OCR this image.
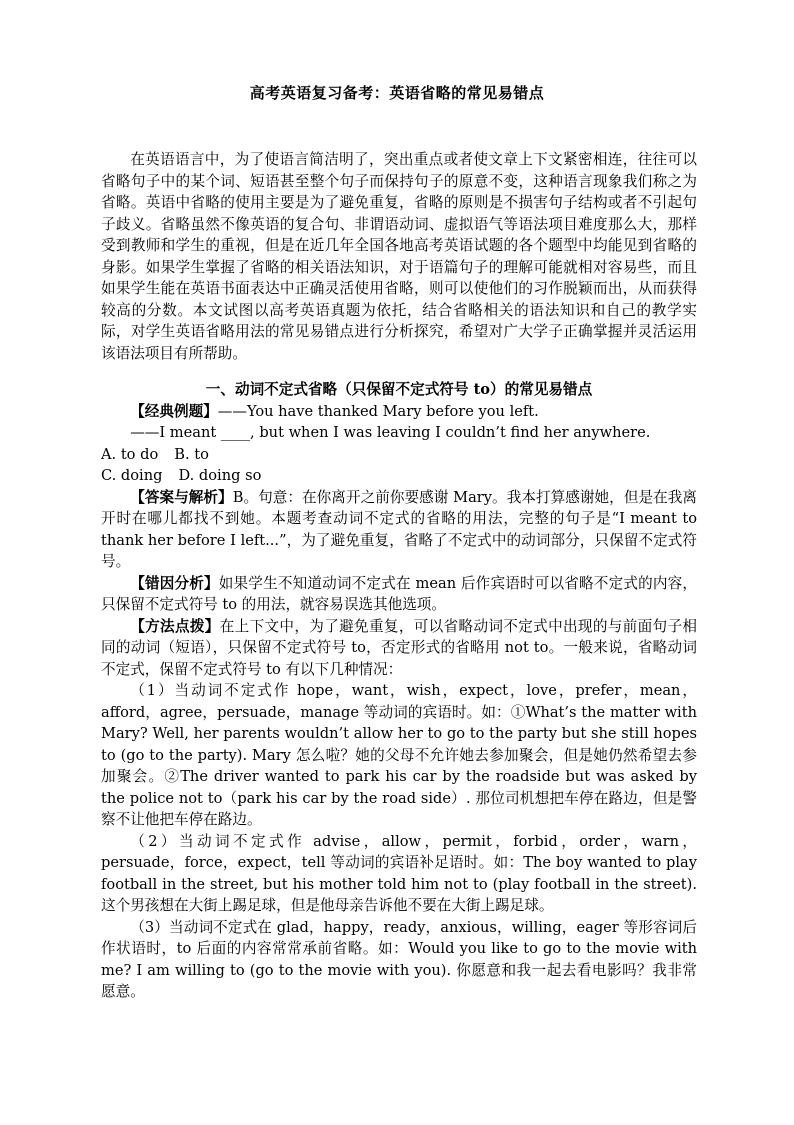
高考英语复习备考：英语省略的常见易错点

在英语语言中，为了使语言简洁明了，突出重点或者使文章上下文紧密相连，往往可以省略句子中的某个词、短语甚至整个句子而保持句子的原意不变，这种语言现象我们称之为省略。英语中省略的使用主要是为了避免重复，省略的原则是不损害句子结构或者不引起句子歧义。省略虽然不像英语的复合句、非谓语动词、虚拟语气等语法项目难度那么大，那样受到教师和学生的重视，但是在近几年全国各地高考英语试题的各个题型中均能见到省略的身影。如果学生掌握了省略的相关语法知识，对于语篇句子的理解可能就相对容易些，而且如果学生能在英语书面表达中正确灵活使用省略，则可以使他们的习作脱颖而出，从而获得较高的分数。本文试图以高考英语真题为依托，结合省略相关的语法知识和自己的教学实际，对学生英语省略用法的常见易错点进行分析探究，希望对广大学子正确掌握并灵活运用该语法项目有所帮助。

一、动词不定式省略（只保留不定式符号 to）的常见易错点

【经典例题】——You have thanked Mary before you left.

——I meant ____, but when I was leaving I couldn’t find her anywhere.

A. to do B. to

C. doing D. doing so

【答案与解析】B。句意：在你离开之前你要感谢 Mary。我本打算感谢她，但是在我离开时在哪儿都找不到她。本题考查动词不定式的省略的用法，完整的句子是“I meant to thank her before I left...”，为了避免重复，省略了不定式中的动词部分，只保留不定式符号。

【错因分析】如果学生不知道动词不定式在 mean 后作宾语时可以省略不定式的内容，只保留不定式符号 to 的用法，就容易误选其他选项。

【方法点拨】在上下文中，为了避免重复，可以省略动词不定式中出现的与前面句子相同的动词（短语），只保留不定式符号 to，否定形式的省略用 not to。一般来说，省略动词不定式，保留不定式符号 to 有以下几种情况：

（1）当动词不定式作 hope，want，wish，expect，love，prefer，mean，afford，agree，persuade，manage 等动词的宾语时。如：①What’s the matter with Mary? Well, her parents wouldn’t allow her to go to the party but she still hopes to (go to the party). Mary 怎么啦？她的父母不允许她去参加聚会，但是她仍然希望去参加聚会。②The driver wanted to park his car by the roadside but was asked by the police not to（park his car by the road side）. 那位司机想把车停在路边，但是警察不让他把车停在路边。

（2）当动词不定式作 advise，allow，permit，forbid，order，warn，persuade，force，expect，tell 等动词的宾语补足语时。如：The boy wanted to play football in the street, but his mother told him not to (play football in the street). 这个男孩想在大街上踢足球，但是他母亲告诉他不要在大街上踢足球。

（3）当动词不定式在 glad，happy，ready，anxious，willing，eager 等形容词后作状语时，to 后面的内容常常承前省略。如：Would you like to go to the movie with me? I am willing to (go to the movie with you). 你愿意和我一起去看电影吗？我非常愿意。
